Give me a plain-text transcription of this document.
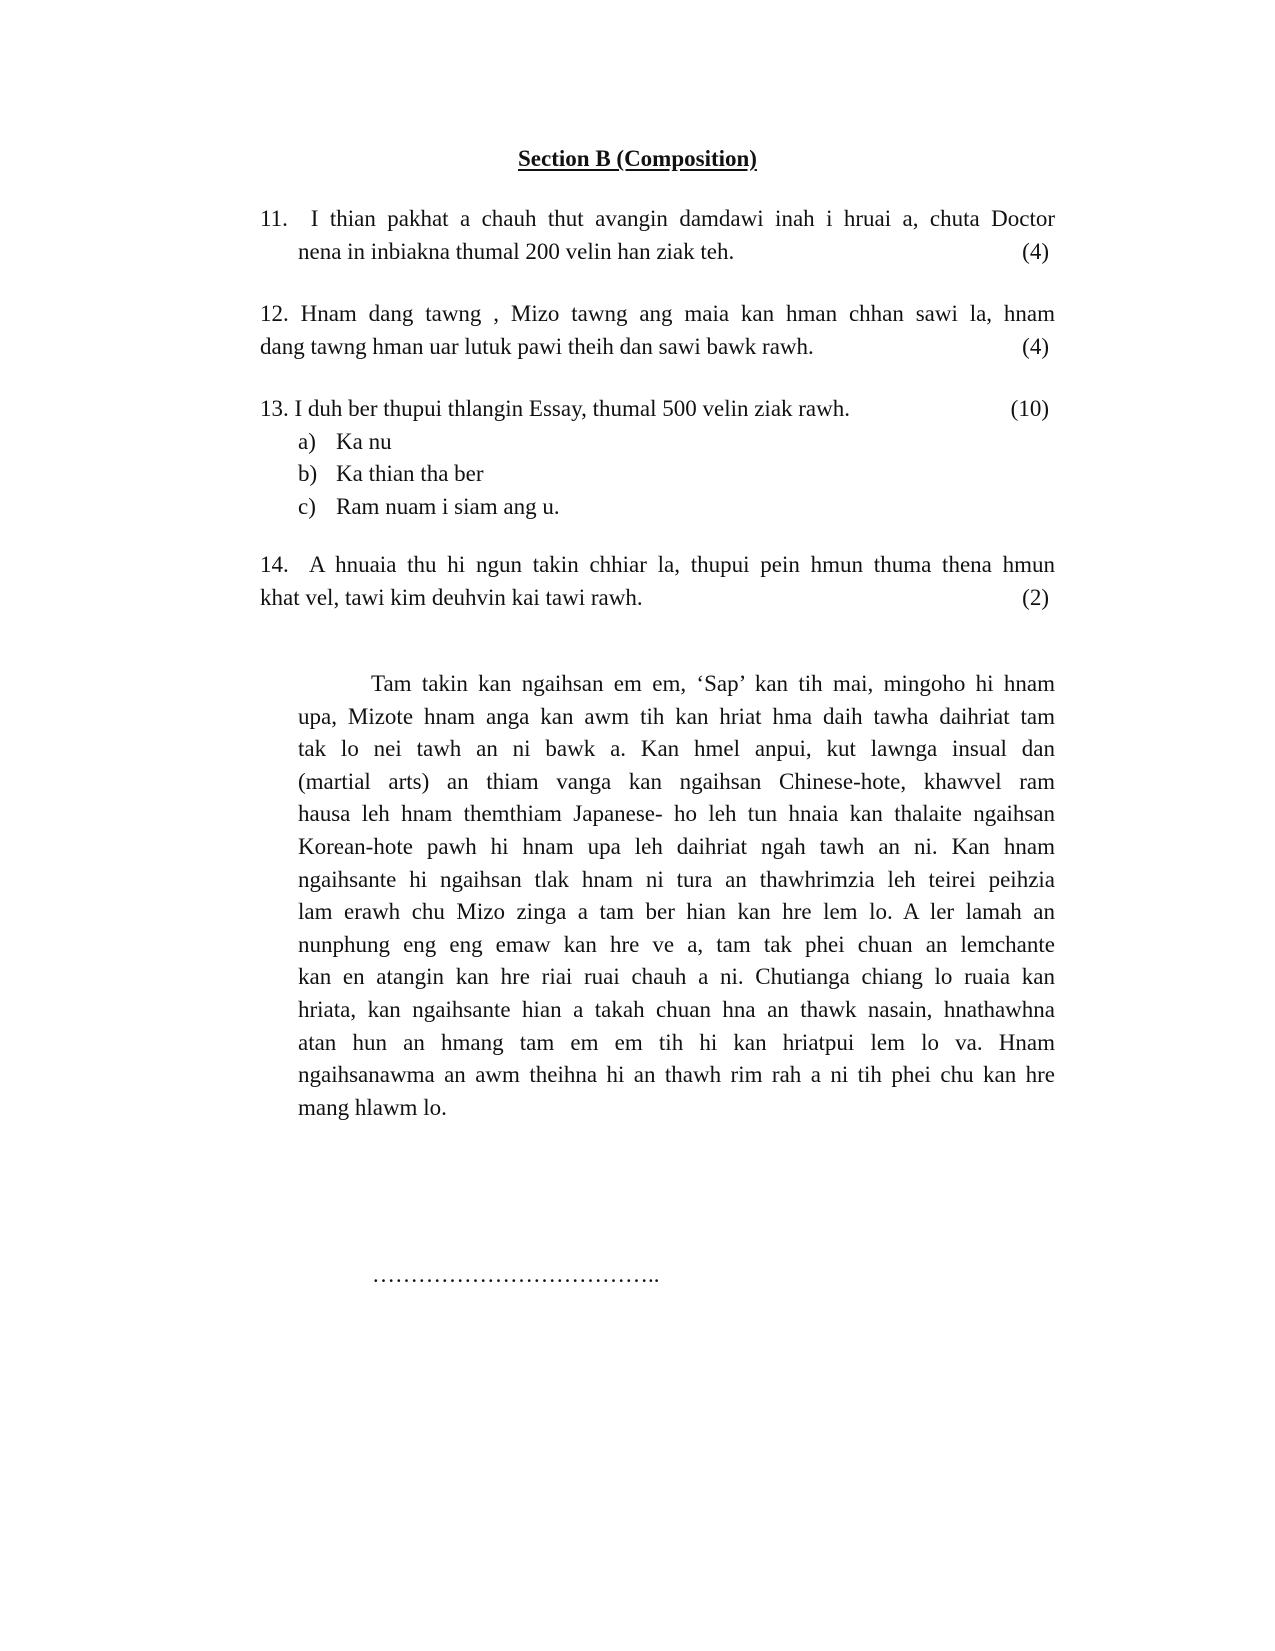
Section B (Composition)
11. I thian pakhat a chauh thut avangin damdawi inah i hruai a, chuta Doctor
nena in inbiakna thumal 200 velin han ziak teh.	(4)
12. Hnam dang tawng , Mizo tawng ang maia kan hman chhan sawi la, hnam
dang tawng hman uar lutuk pawi theih dan sawi bawk rawh.	(4)
13. I duh ber thupui thlangin Essay, thumal 500 velin ziak rawh.	(10)
a) Ka nu
b) Ka thian tha ber
c) Ram nuam i siam ang u.
14. A hnuaia thu hi ngun takin chhiar la, thupui pein hmun thuma thena hmun
khat vel, tawi kim deuhvin kai tawi rawh.	(2)
Tam takin kan ngaihsan em em, ‘Sap’ kan tih mai, mingoho hi hnam
upa, Mizote hnam anga kan awm tih kan hriat hma daih tawha daihriat tam
tak lo nei tawh an ni bawk a. Kan hmel anpui, kut lawnga insual dan
(martial arts) an thiam vanga kan ngaihsan Chinese-hote, khawvel ram
hausa leh hnam themthiam Japanese- ho leh tun hnaia kan thalaite ngaihsan
Korean-hote pawh hi hnam upa leh daihriat ngah tawh an ni. Kan hnam
ngaihsante hi ngaihsan tlak hnam ni tura an thawhrimzia leh teirei peihzia
lam erawh chu Mizo zinga a tam ber hian kan hre lem lo. A ler lamah an
nunphung eng eng emaw kan hre ve a, tam tak phei chuan an lemchante
kan en atangin kan hre riai ruai chauh a ni. Chutianga chiang lo ruaia kan
hriata, kan ngaihsante hian a takah chuan hna an thawk nasain, hnathawhna
atan hun an hmang tam em em tih hi kan hriatpui lem lo va. Hnam
ngaihsanawma an awm theihna hi an thawh rim rah a ni tih phei chu kan hre
mang hlawm lo.
………………………………..
